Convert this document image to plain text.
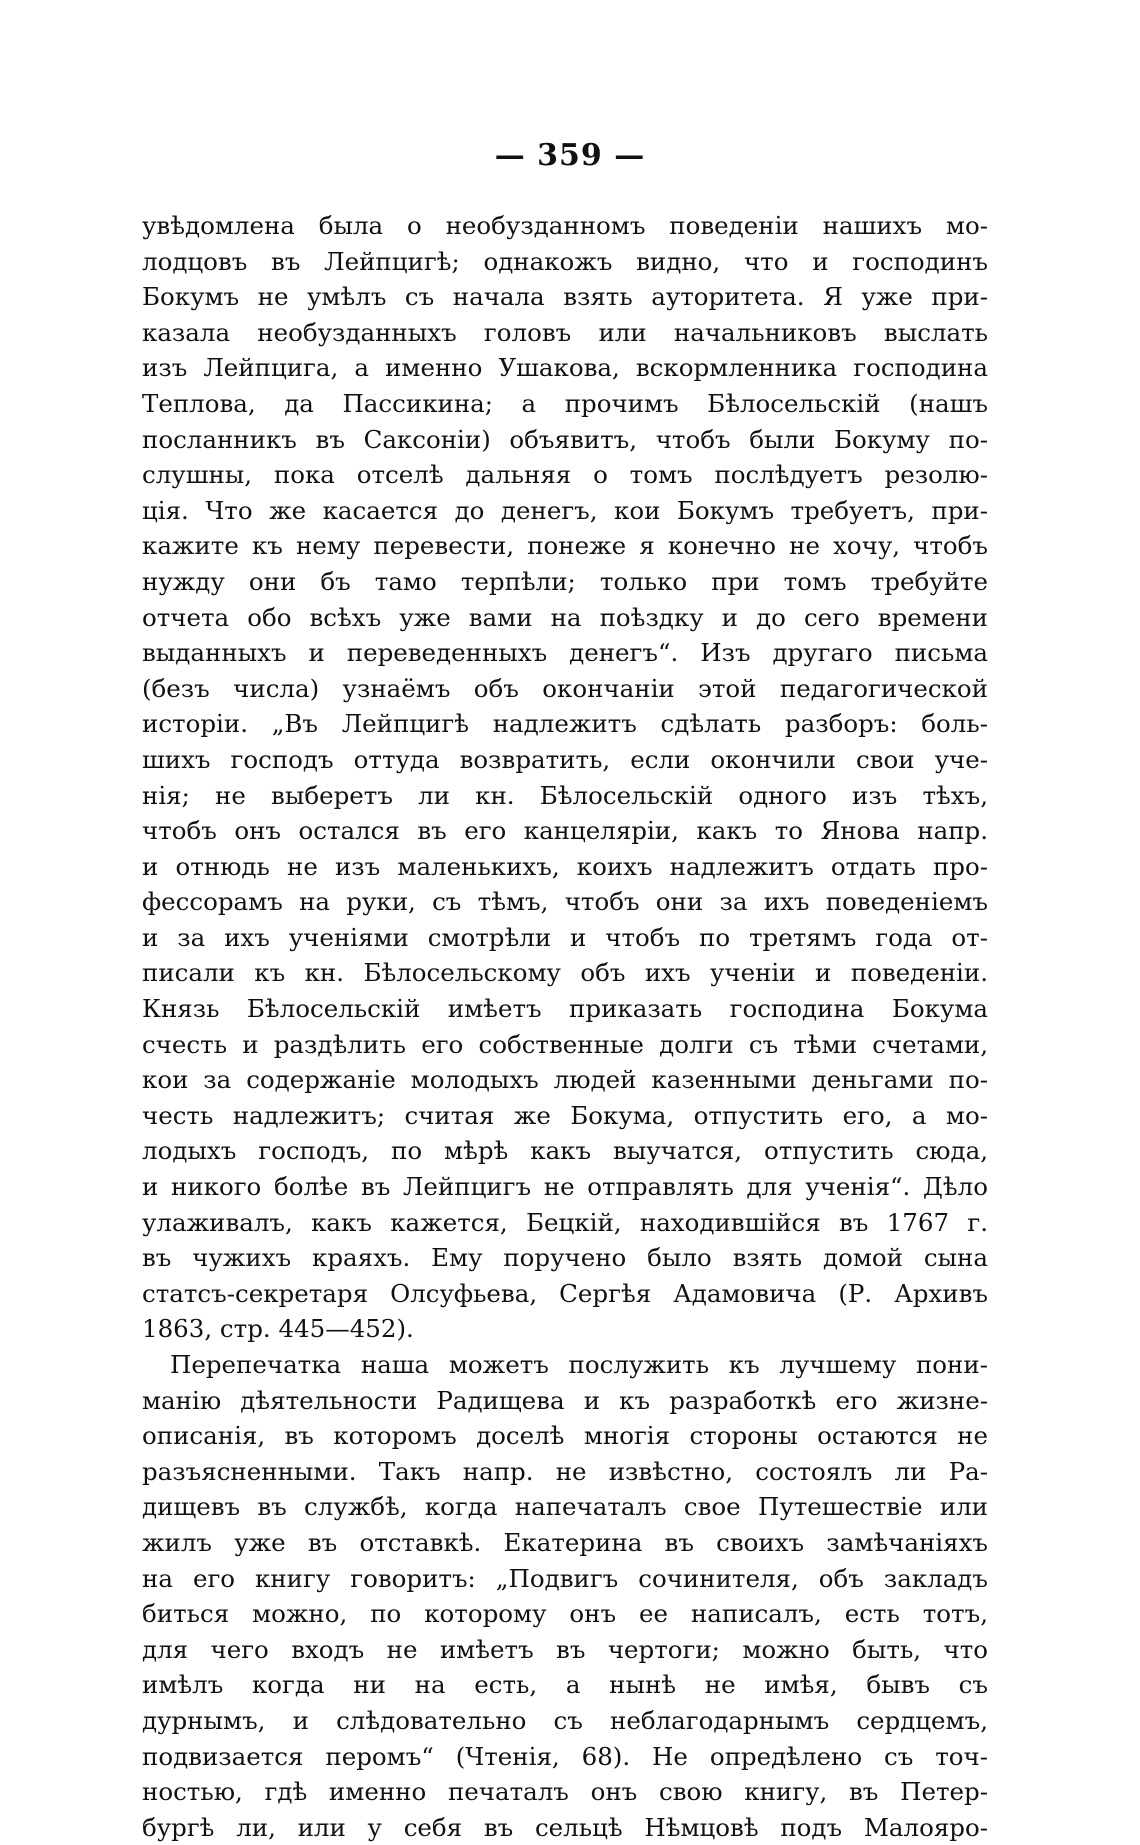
— 359 —
увѣдомлена была о необузданномъ поведеніи нашихъ мо-
лодцовъ въ Лейпцигѣ; однакожъ видно, что и господинъ
Бокумъ не умѣлъ съ начала взять ауторитета. Я уже при-
казала необузданныхъ головъ или начальниковъ выслать
изъ Лейпцига, а именно Ушакова, вскормленника господина
Теплова, да Пассикина; а прочимъ Бѣлосельскій (нашъ
посланникъ въ Саксоніи) объявитъ, чтобъ были Бокуму по-
слушны, пока отселѣ дальняя о томъ послѣдуетъ резолю-
ція. Что же касается до денегъ, кои Бокумъ требуетъ, при-
кажите къ нему перевести, понеже я конечно не хочу, чтобъ
нужду они бъ тамо терпѣли; только при томъ требуйте
отчета обо всѣхъ уже вами на поѣздку и до сего времени
выданныхъ и переведенныхъ денегъ“. Изъ другаго письма
(безъ числа) узнаёмъ объ окончаніи этой педагогической
исторіи. „Въ Лейпцигѣ надлежитъ сдѣлать разборъ: боль-
шихъ господъ оттуда возвратить, если окончили свои уче-
нія; не выберетъ ли кн. Бѣлосельскій одного изъ тѣхъ,
чтобъ онъ остался въ его канцеляріи, какъ то Янова напр.
и отнюдь не изъ маленькихъ, коихъ надлежитъ отдать про-
фессорамъ на руки, съ тѣмъ, чтобъ они за ихъ поведеніемъ
и за ихъ ученіями смотрѣли и чтобъ по третямъ года от-
писали къ кн. Бѣлосельскому объ ихъ ученіи и поведеніи.
Князь Бѣлосельскій имѣетъ приказать господина Бокума
счесть и раздѣлить его собственные долги съ тѣми счетами,
кои за содержаніе молодыхъ людей казенными деньгами по-
честь надлежитъ; считая же Бокума, отпустить его, а мо-
лодыхъ господъ, по мѣрѣ какъ выучатся, отпустить сюда,
и никого болѣе въ Лейпцигъ не отправлять для ученія“. Дѣло
улаживалъ, какъ кажется, Бецкій, находившійся въ 1767 г.
въ чужихъ краяхъ. Ему поручено было взять домой сына
статсъ-секретаря Олсуфьева, Сергѣя Адамовича (Р. Архивъ
1863, стр. 445—452).
Перепечатка наша можетъ послужить къ лучшему пони-
манію дѣятельности Радищева и къ разработкѣ его жизне-
описанія, въ которомъ доселѣ многія стороны остаются не
разъясненными. Такъ напр. не извѣстно, состоялъ ли Ра-
дищевъ въ службѣ, когда напечаталъ свое Путешествіе или
жилъ уже въ отставкѣ. Екатерина въ своихъ замѣчаніяхъ
на его книгу говоритъ: „Подвигъ сочинителя, объ закладъ
биться можно, по которому онъ ее написалъ, есть тотъ,
для чего входъ не имѣетъ въ чертоги; можно быть, что
имѣлъ когда ни на есть, а нынѣ не имѣя, бывъ съ
дурнымъ, и слѣдовательно съ неблагодарнымъ сердцемъ,
подвизается перомъ“ (Чтенія, 68). Не опредѣлено съ точ-
ностью, гдѣ именно печаталъ онъ свою книгу, въ Петер-
бургѣ ли, или у себя въ сельцѣ Нѣмцовѣ подъ Малояро-
